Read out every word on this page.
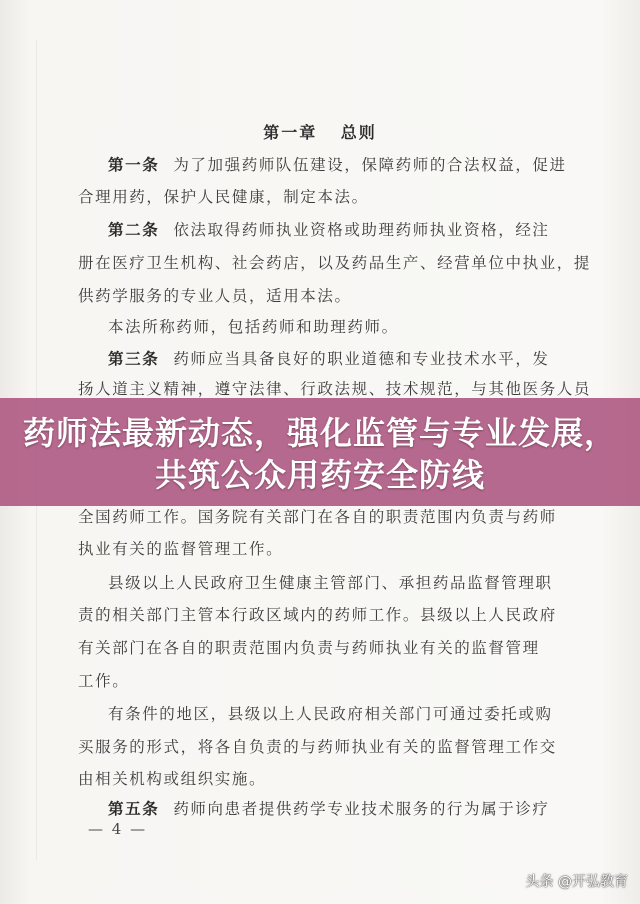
第一章 总则
第一条 为了加强药师队伍建设，保障药师的合法权益，促进
合理用药，保护人民健康，制定本法。
第二条 依法取得药师执业资格或助理药师执业资格，经注
册在医疗卫生机构、社会药店，以及药品生产、经营单位中执业，提
供药学服务的专业人员，适用本法。
本法所称药师，包括药师和助理药师。
第三条 药师应当具备良好的职业道德和专业技术水平，发
扬人道主义精神，遵守法律、行政法规、技术规范，与其他医务人员
全国药师工作。国务院有关部门在各自的职责范围内负责与药师
执业有关的监督管理工作。
县级以上人民政府卫生健康主管部门、承担药品监督管理职
责的相关部门主管本行政区域内的药师工作。县级以上人民政府
有关部门在各自的职责范围内负责与药师执业有关的监督管理
工作。
有条件的地区，县级以上人民政府相关部门可通过委托或购
买服务的形式，将各自负责的与药师执业有关的监督管理工作交
由相关机构或组织实施。
第五条 药师向患者提供药学专业技术服务的行为属于诊疗
— 4 —
药师法最新动态，强化监管与专业发展，共筑公众用药安全防线
头条 @开弘教育
